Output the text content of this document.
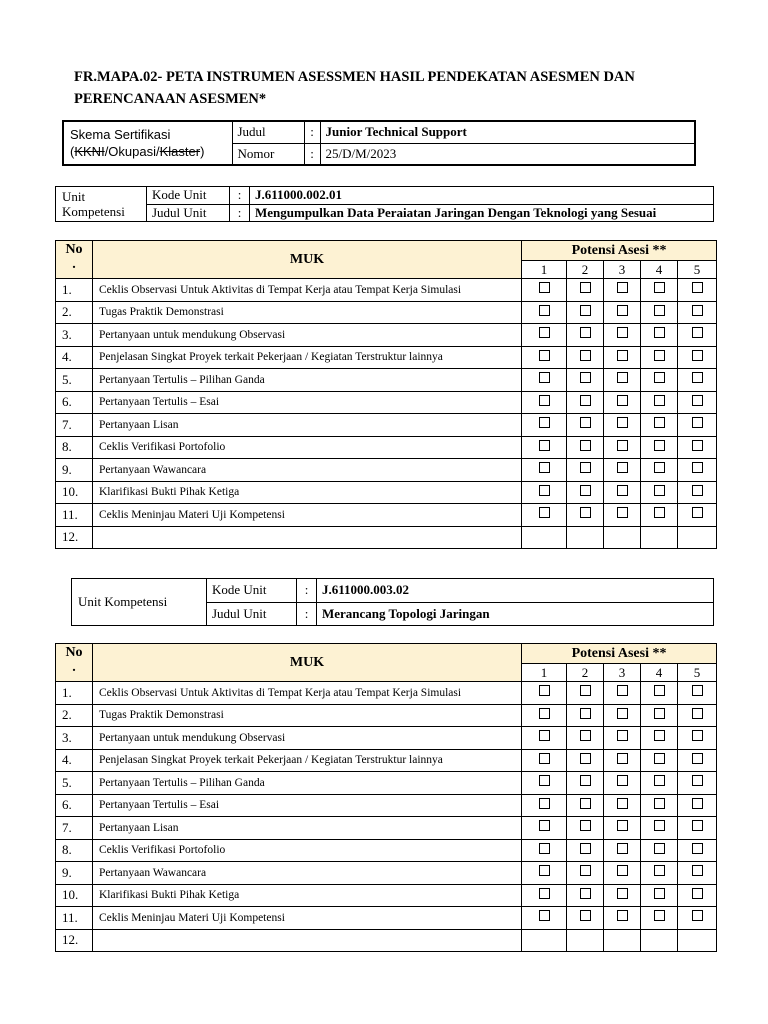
FR.MAPA.02- PETA INSTRUMEN ASESSMEN HASIL PENDEKATAN ASESMEN DAN
PERENCANAAN ASESMEN*
Skema Sertifikasi
(KKNI/Okupasi/Klaster)	Judul	:	Junior Technical Support
	Nomor	:	25/D/M/2023
Unit
Kompetensi	Kode Unit	:	J.611000.002.01
	Judul Unit	:	Mengumpulkan Data Peraiatan Jaringan Dengan Teknologi yang Sesuai
No
.	MUK	Potensi Asesi **				
		1	2	3	4	5
1.	Ceklis Observasi Untuk Aktivitas di Tempat Kerja atau Tempat Kerja Simulasi					
2.	Tugas Praktik Demonstrasi					
3.	Pertanyaan untuk mendukung Observasi					
4.	Penjelasan Singkat Proyek terkait Pekerjaan / Kegiatan Terstruktur lainnya					
5.	Pertanyaan Tertulis – Pilihan Ganda					
6.	Pertanyaan Tertulis – Esai					
7.	Pertanyaan Lisan					
8.	Ceklis Verifikasi Portofolio					
9.	Pertanyaan Wawancara					
10.	Klarifikasi Bukti Pihak Ketiga					
11.	Ceklis Meninjau Materi Uji Kompetensi					
12.						
Unit Kompetensi	Kode Unit	:	J.611000.003.02
	Judul Unit	:	Merancang Topologi Jaringan
No
.	MUK	Potensi Asesi **				
		1	2	3	4	5
1.	Ceklis Observasi Untuk Aktivitas di Tempat Kerja atau Tempat Kerja Simulasi					
2.	Tugas Praktik Demonstrasi					
3.	Pertanyaan untuk mendukung Observasi					
4.	Penjelasan Singkat Proyek terkait Pekerjaan / Kegiatan Terstruktur lainnya					
5.	Pertanyaan Tertulis – Pilihan Ganda					
6.	Pertanyaan Tertulis – Esai					
7.	Pertanyaan Lisan					
8.	Ceklis Verifikasi Portofolio					
9.	Pertanyaan Wawancara					
10.	Klarifikasi Bukti Pihak Ketiga					
11.	Ceklis Meninjau Materi Uji Kompetensi					
12.						
